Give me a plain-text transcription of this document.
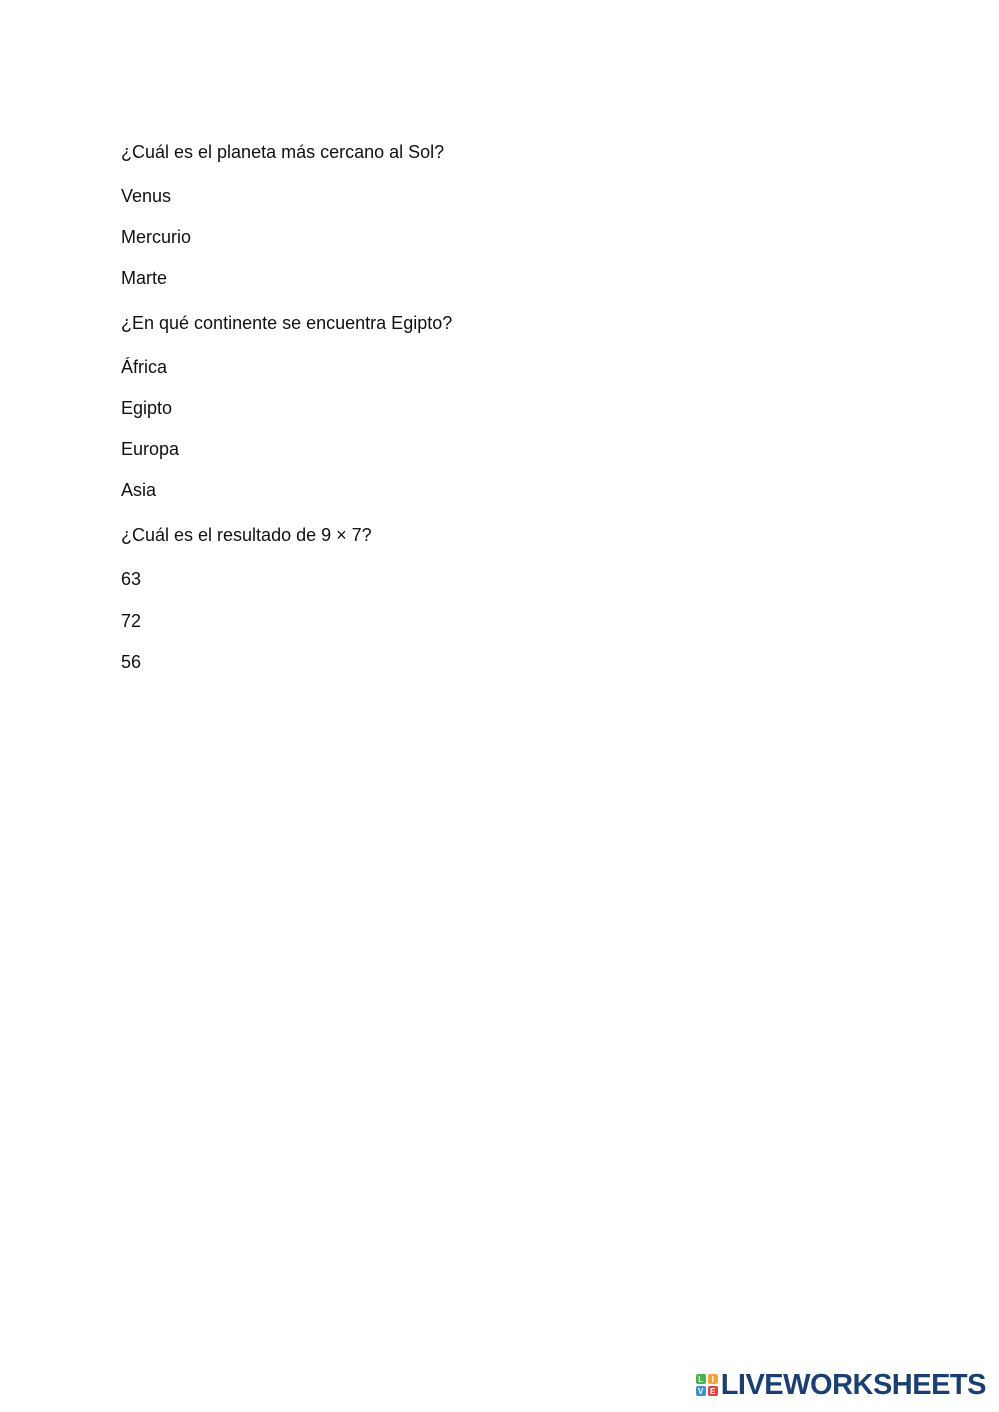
¿Cuál es el planeta más cercano al Sol?
Venus
Mercurio
Marte
¿En qué continente se encuentra Egipto?
África
Egipto
Europa
Asia
¿Cuál es el resultado de 9 × 7?
63
72
56
L	I
V E LIVEWORKSHEETS
